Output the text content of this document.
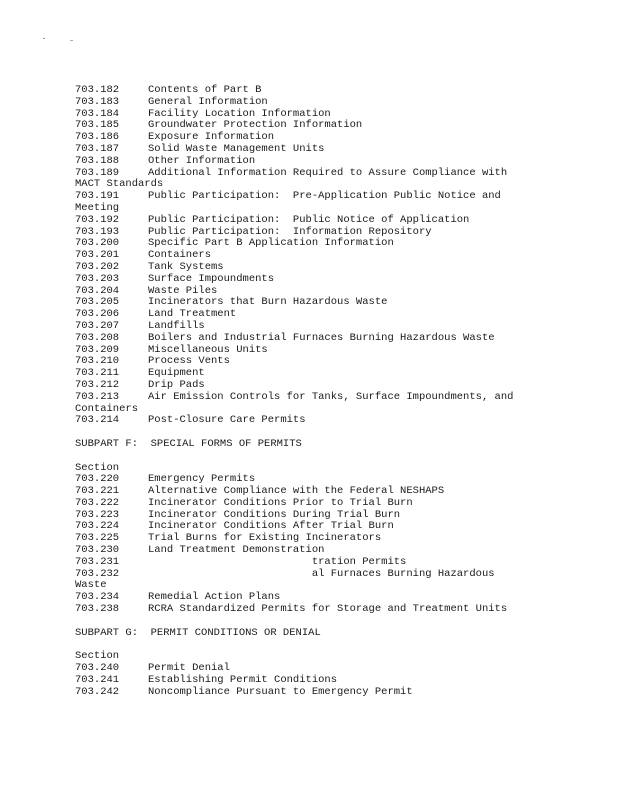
703.182	Contents of Part B
703.183	General Information
703.184	Facility Location Information
703.185	Groundwater Protection Information
703.186	Exposure Information
703.187	Solid Waste Management Units
703.188	Other Information
703.189	Additional Information Required to Assure Compliance with
MACT Standards
703.191	Public Participation:  Pre-Application Public Notice and
Meeting
703.192	Public Participation:  Public Notice of Application
703.193	Public Participation:  Information Repository
703.200	Specific Part B Application Information
703.201	Containers
703.202	Tank Systems
703.203	Surface Impoundments
703.204	Waste Piles
703.205	Incinerators that Burn Hazardous Waste
703.206	Land Treatment
703.207	Landfills
703.208	Boilers and Industrial Furnaces Burning Hazardous Waste
703.209	Miscellaneous Units
703.210	Process Vents
703.211	Equipment
703.212	Drip Pads
703.213	Air Emission Controls for Tanks, Surface Impoundments, and
Containers
703.214	Post-Closure Care Permits
SUBPART F:  SPECIAL FORMS OF PERMITS
Section
703.220	Emergency Permits
703.221	Alternative Compliance with the Federal NESHAPS
703.222	Incinerator Conditions Prior to Trial Burn
703.223	Incinerator Conditions During Trial Burn
703.224	Incinerator Conditions After Trial Burn
703.225	Trial Burns for Existing Incinerators
703.230	Land Treatment Demonstration
703.231	tration Permits
703.232	al Furnaces Burning Hazardous
Waste
703.234	Remedial Action Plans
703.238	RCRA Standardized Permits for Storage and Treatment Units
SUBPART G:  PERMIT CONDITIONS OR DENIAL
Section
703.240	Permit Denial
703.241	Establishing Permit Conditions
703.242	Noncompliance Pursuant to Emergency Permit
